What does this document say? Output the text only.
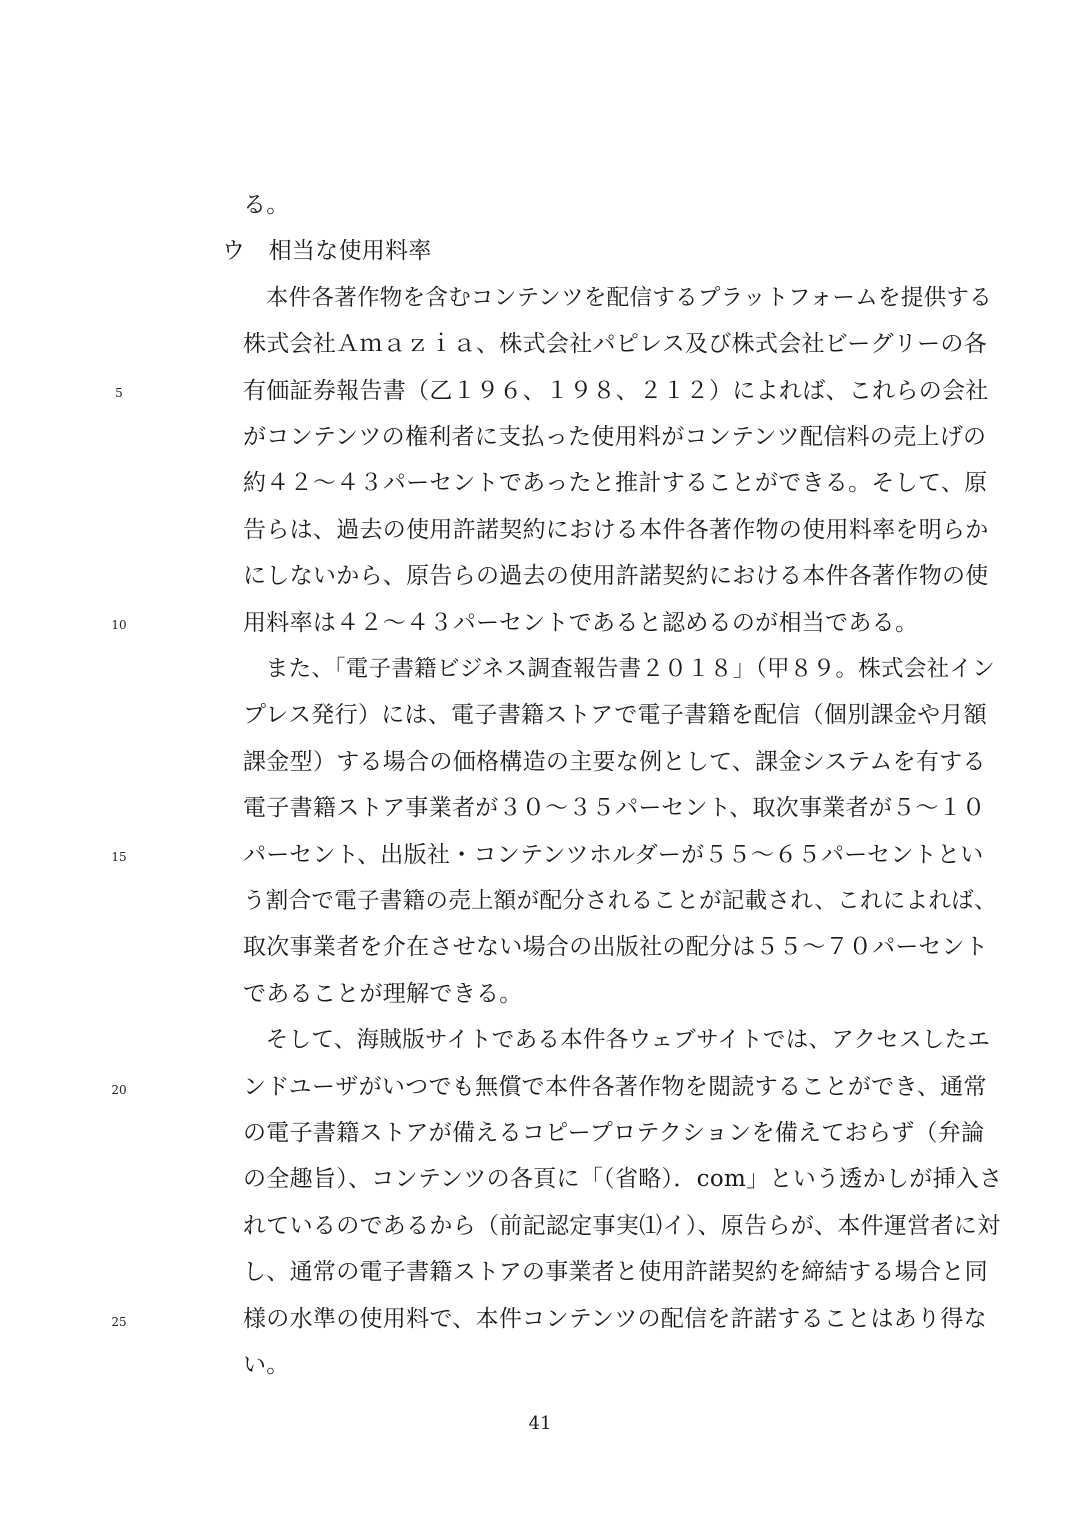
る。
ウ　相当な使用料率
　本件各著作物を含むコンテンツを配信するプラットフォームを提供する
株式会社Ａｍａｚｉａ、株式会社パピレス及び株式会社ビーグリーの各
有価証券報告書（乙１９６、１９８、２１２）によれば、これらの会社
がコンテンツの権利者に支払った使用料がコンテンツ配信料の売上げの
約４２～４３パーセントであったと推計することができる。そして、原
告らは、過去の使用許諾契約における本件各著作物の使用料率を明らか
にしないから、原告らの過去の使用許諾契約における本件各著作物の使
用料率は４２～４３パーセントであると認めるのが相当である。
　また、「電子書籍ビジネス調査報告書２０１８」（甲８９。株式会社イン
プレス発行）には、電子書籍ストアで電子書籍を配信（個別課金や月額
課金型）する場合の価格構造の主要な例として、課金システムを有する
電子書籍ストア事業者が３０～３５パーセント、取次事業者が５～１０
パーセント、出版社・コンテンツホルダーが５５～６５パーセントとい
う割合で電子書籍の売上額が配分されることが記載され、これによれば、
取次事業者を介在させない場合の出版社の配分は５５～７０パーセント
であることが理解できる。
　そして、海賊版サイトである本件各ウェブサイトでは、アクセスしたエ
ンドユーザがいつでも無償で本件各著作物を閲読することができ、通常
の電子書籍ストアが備えるコピープロテクションを備えておらず（弁論
の全趣旨）、コンテンツの各頁に「（省略）．com」という透かしが挿入さ
れているのであるから（前記認定事実⑴イ）、原告らが、本件運営者に対
し、通常の電子書籍ストアの事業者と使用許諾契約を締結する場合と同
様の水準の使用料で、本件コンテンツの配信を許諾することはあり得な
い。
5
10
15
20
25
41
